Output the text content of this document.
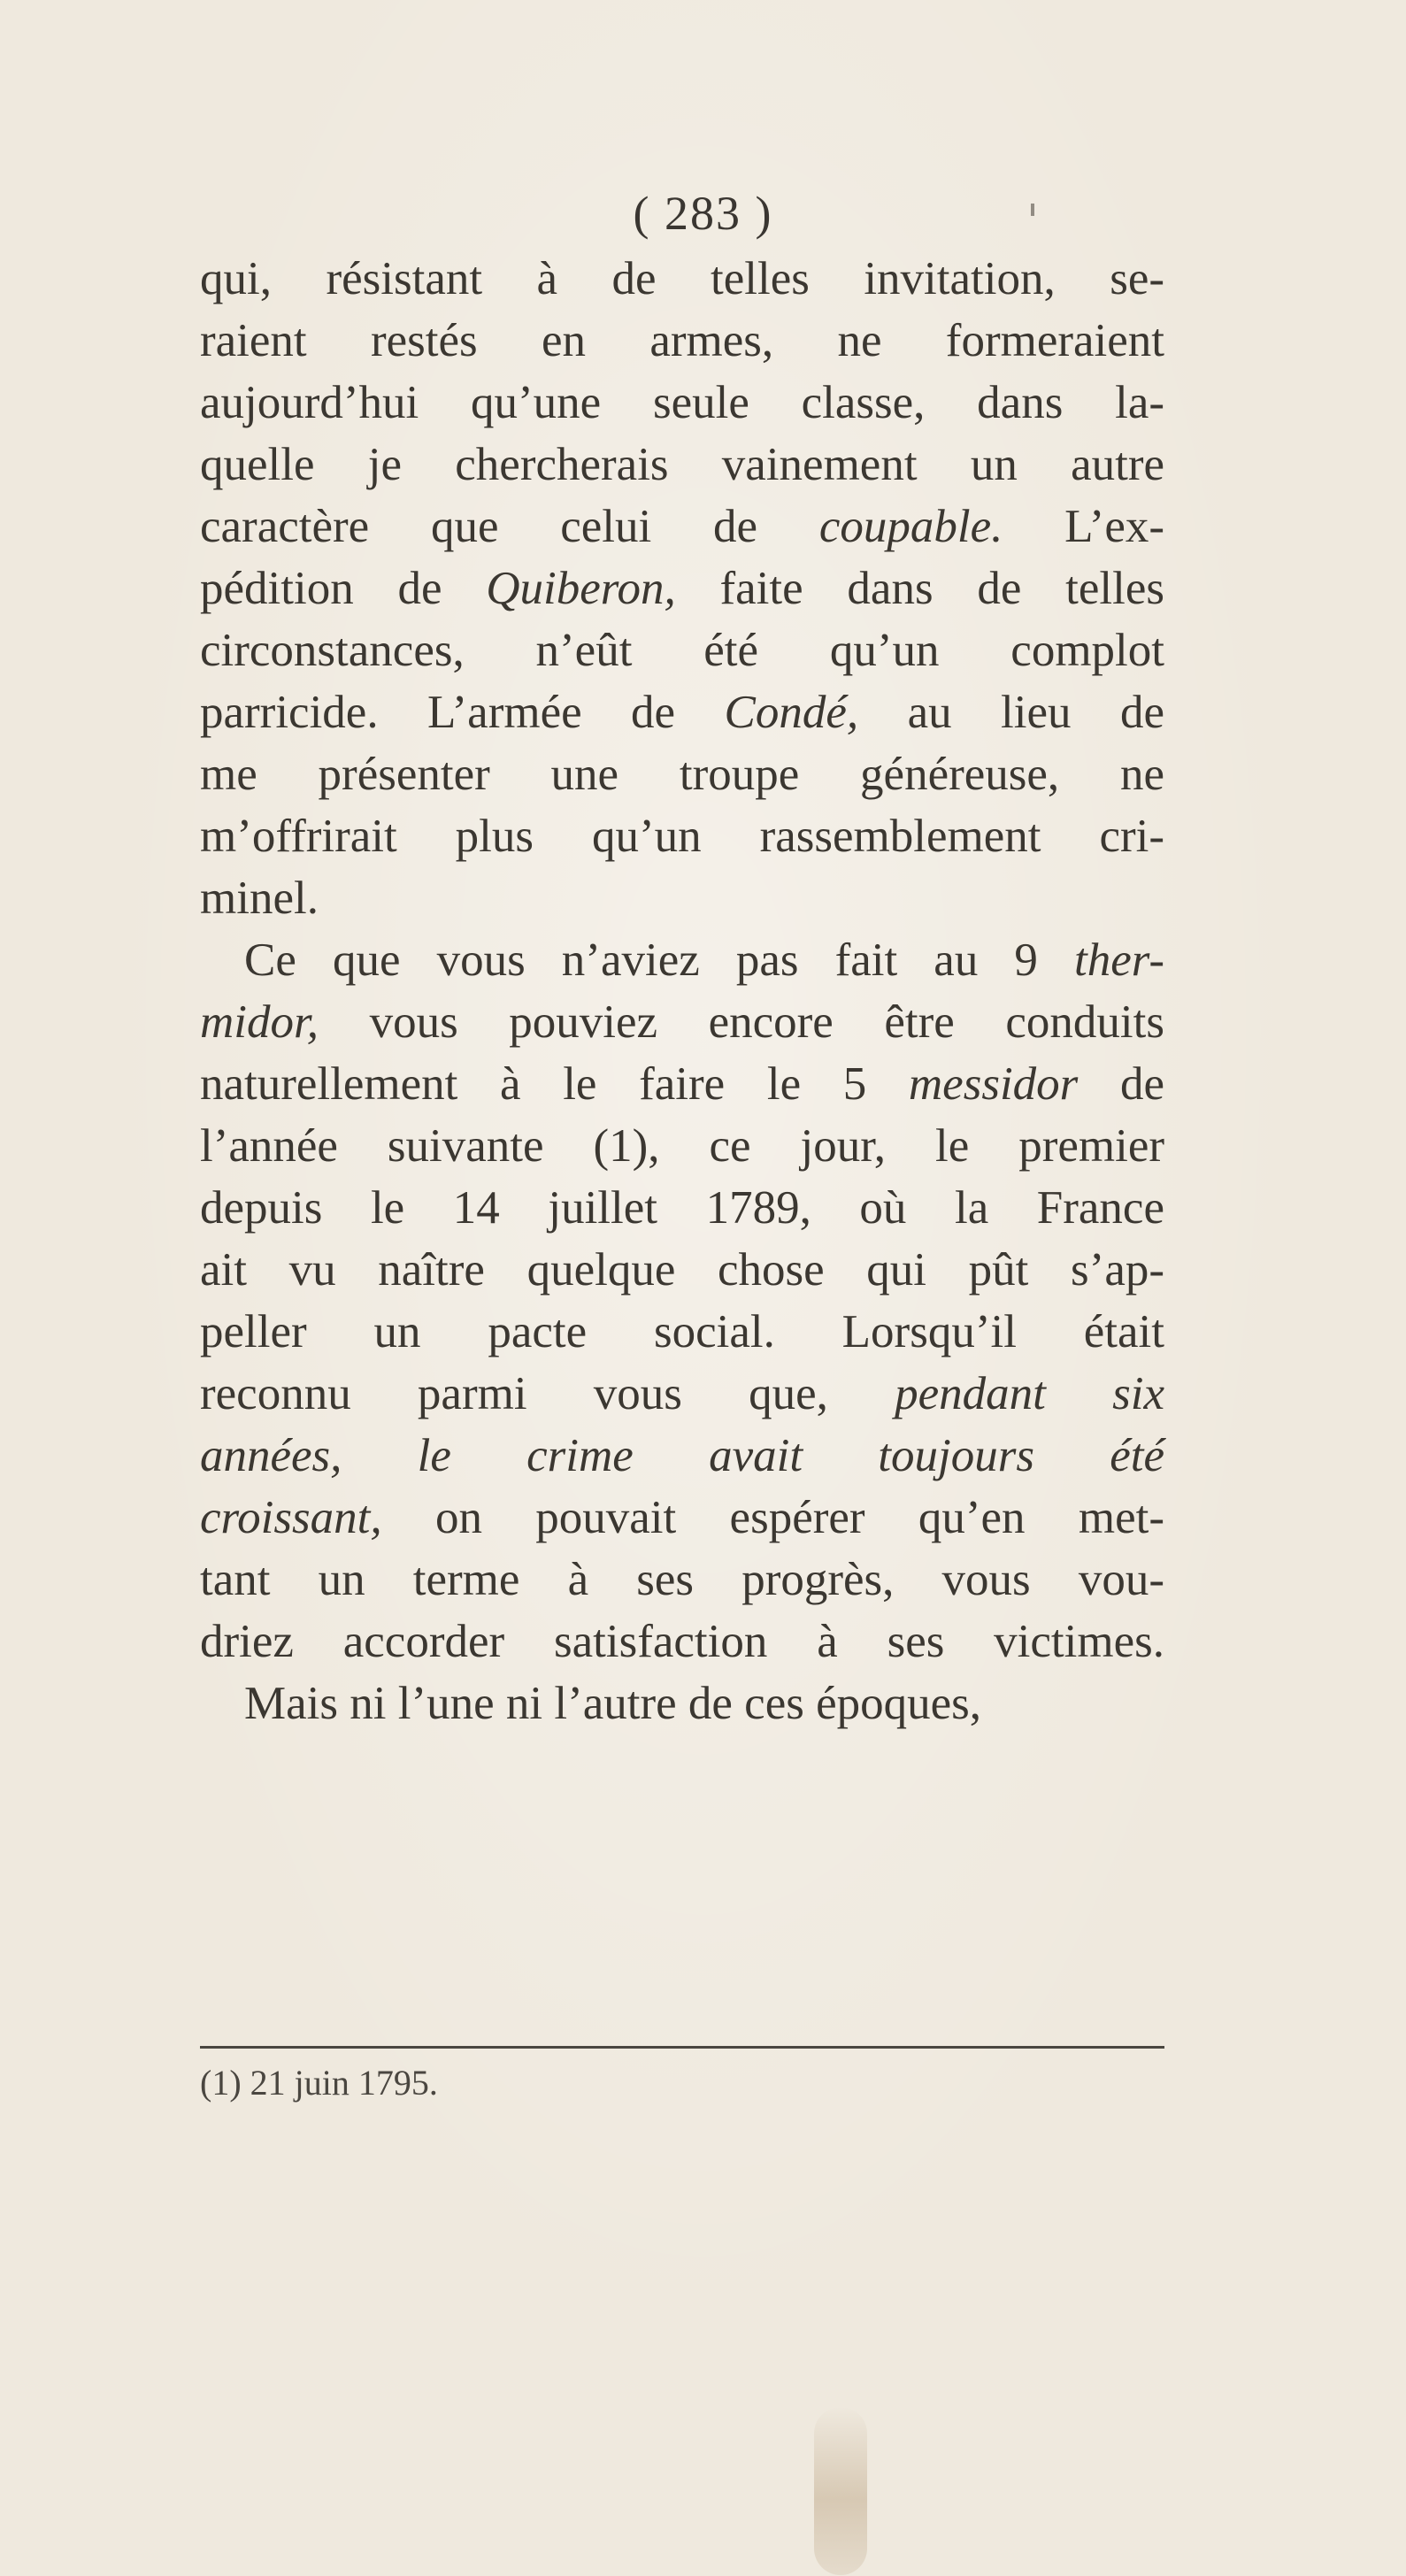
( 283 )
qui, résistant à de telles invitation, se-
raient restés en armes, ne formeraient
aujourd’hui qu’une seule classe, dans la-
quelle je chercherais vainement un autre
caractère que celui de coupable. L’ex-
pédition de Quiberon, faite dans de telles
circonstances, n’eût été qu’un complot
parricide. L’armée de Condé, au lieu de
me présenter une troupe généreuse, ne
m’offrirait plus qu’un rassemblement cri-
minel.
Ce que vous n’aviez pas fait au 9 ther-
midor, vous pouviez encore être conduits
naturellement à le faire le 5 messidor de
l’année suivante (1), ce jour, le premier
depuis le 14 juillet 1789, où la France
ait vu naître quelque chose qui pût s’ap-
peller un pacte social. Lorsqu’il était
reconnu parmi vous que, pendant six
années, le crime avait toujours été
croissant, on pouvait espérer qu’en met-
tant un terme à ses progrès, vous vou-
driez accorder satisfaction à ses victimes.
Mais ni l’une ni l’autre de ces époques,
(1) 21 juin 1795.
